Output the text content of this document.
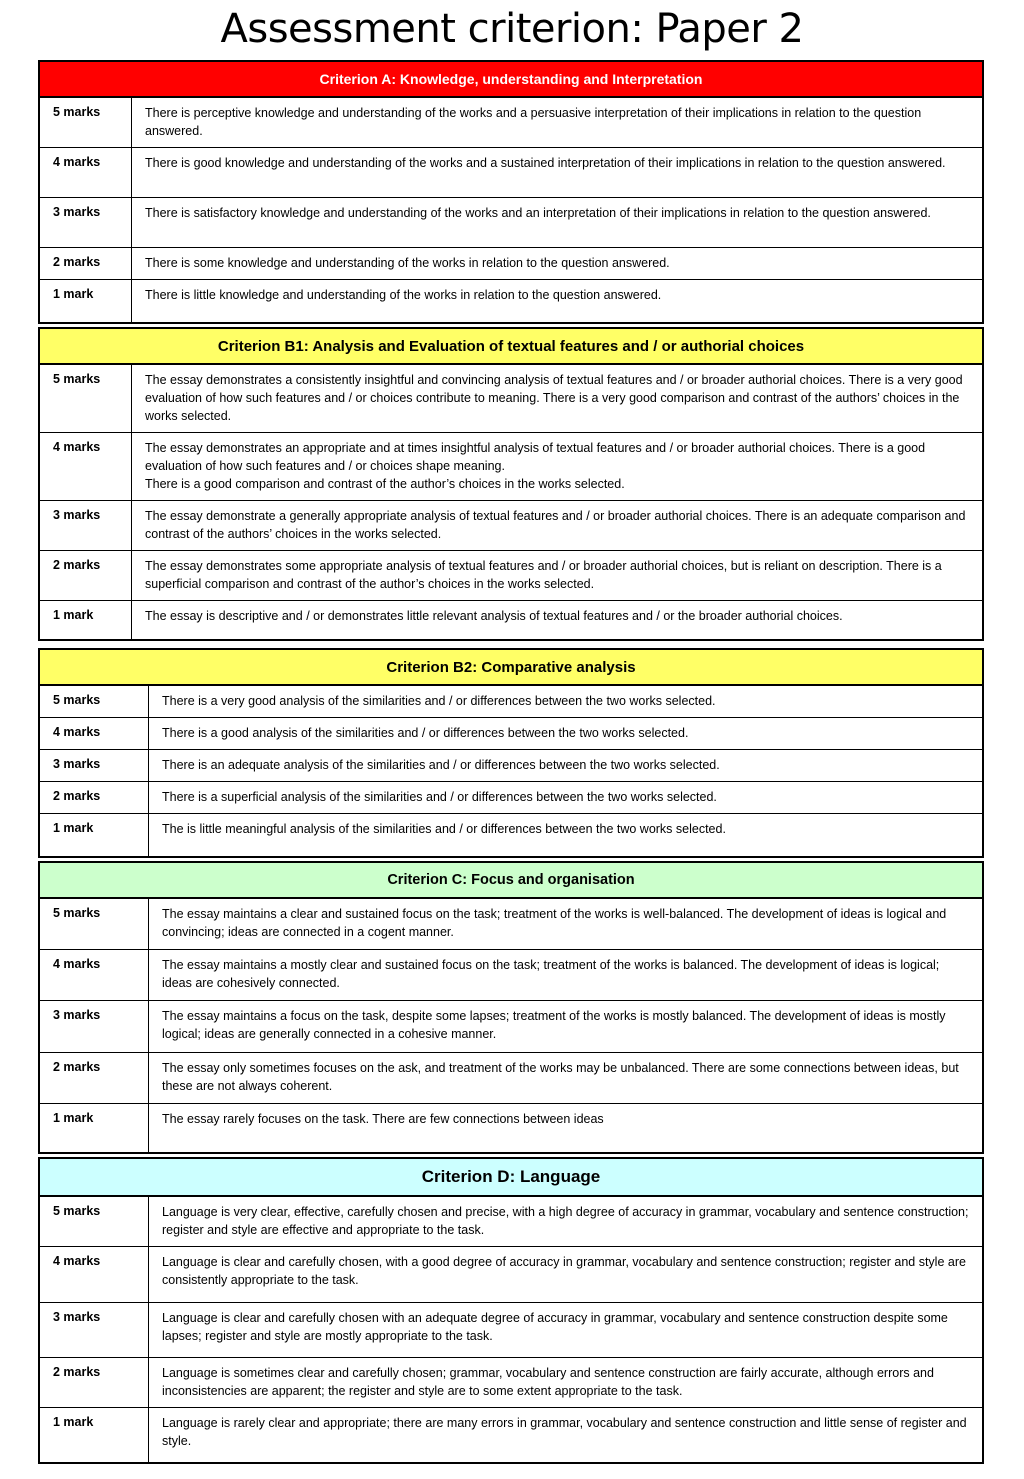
Assessment criterion: Paper 2
Criterion A: Knowledge, understanding and Interpretation
5 marks	There is perceptive knowledge and understanding of the works and a persuasive interpretation of their implications in relation to the question answered.
4 marks	There is good knowledge and understanding of the works and a sustained interpretation of their implications in relation to the question answered.
3 marks	There is satisfactory knowledge and understanding of the works and an interpretation of their implications in relation to the question answered.
2 marks	There is some knowledge and understanding of the works in relation to the question answered.
1 mark	There is little knowledge and understanding of the works in relation to the question answered.
Criterion B1: Analysis and Evaluation of textual features and / or authorial choices
5 marks	The essay demonstrates a consistently insightful and convincing analysis of textual features and / or broader authorial choices. There is a very good evaluation of how such features and / or choices contribute to meaning. There is a very good comparison and contrast of the authors’ choices in the works selected.
4 marks	The essay demonstrates an appropriate and at times insightful analysis of textual features and / or broader authorial choices. There is a good evaluation of how such features and / or choices shape meaning.
There is a good comparison and contrast of the author’s choices in the works selected.
3 marks	The essay demonstrate a generally appropriate analysis of textual features and / or broader authorial choices. There is an adequate comparison and contrast of the authors’ choices in the works selected.
2 marks	The essay demonstrates some appropriate analysis of textual features and / or broader authorial choices, but is reliant on description. There is a superficial comparison and contrast of the author’s choices in the works selected.
1 mark	The essay is descriptive and / or demonstrates little relevant analysis of textual features and / or the broader authorial choices.
Criterion B2: Comparative analysis
5 marks	There is a very good analysis of the similarities and / or differences between the two works selected.
4 marks	There is a good analysis of the similarities and / or differences between the two works selected.
3 marks	There is an adequate analysis of the similarities and / or differences between the two works selected.
2 marks	There is a superficial analysis of the similarities and / or differences between the two works selected.
1 mark	The is little meaningful analysis of the similarities and / or differences between the two works selected.
Criterion C: Focus and organisation
5 marks	The essay maintains a clear and sustained focus on the task; treatment of the works is well-balanced. The development of ideas is logical and convincing; ideas are connected in a cogent manner.
4 marks	The essay maintains a mostly clear and sustained focus on the task; treatment of the works is balanced. The development of ideas is logical; ideas are cohesively connected.
3 marks	The essay maintains a focus on the task, despite some lapses; treatment of the works is mostly balanced. The development of ideas is mostly logical; ideas are generally connected in a cohesive manner.
2 marks	The essay only sometimes focuses on the ask, and treatment of the works may be unbalanced. There are some connections between ideas, but these are not always coherent.
1 mark	The essay rarely focuses on the task. There are few connections between ideas
Criterion D: Language
5 marks	Language is very clear, effective, carefully chosen and precise, with a high degree of accuracy in grammar, vocabulary and sentence construction; register and style are effective and appropriate to the task.
4 marks	Language is clear and carefully chosen, with a good degree of accuracy in grammar, vocabulary and sentence construction; register and style are consistently appropriate to the task.
3 marks	Language is clear and carefully chosen with an adequate degree of accuracy in grammar, vocabulary and sentence construction despite some lapses; register and style are mostly appropriate to the task.
2 marks	Language is sometimes clear and carefully chosen; grammar, vocabulary and sentence construction are fairly accurate, although errors and inconsistencies are apparent; the register and style are to some extent appropriate to the task.
1 mark	Language is rarely clear and appropriate; there are many errors in grammar, vocabulary and sentence construction and little sense of register and style.
